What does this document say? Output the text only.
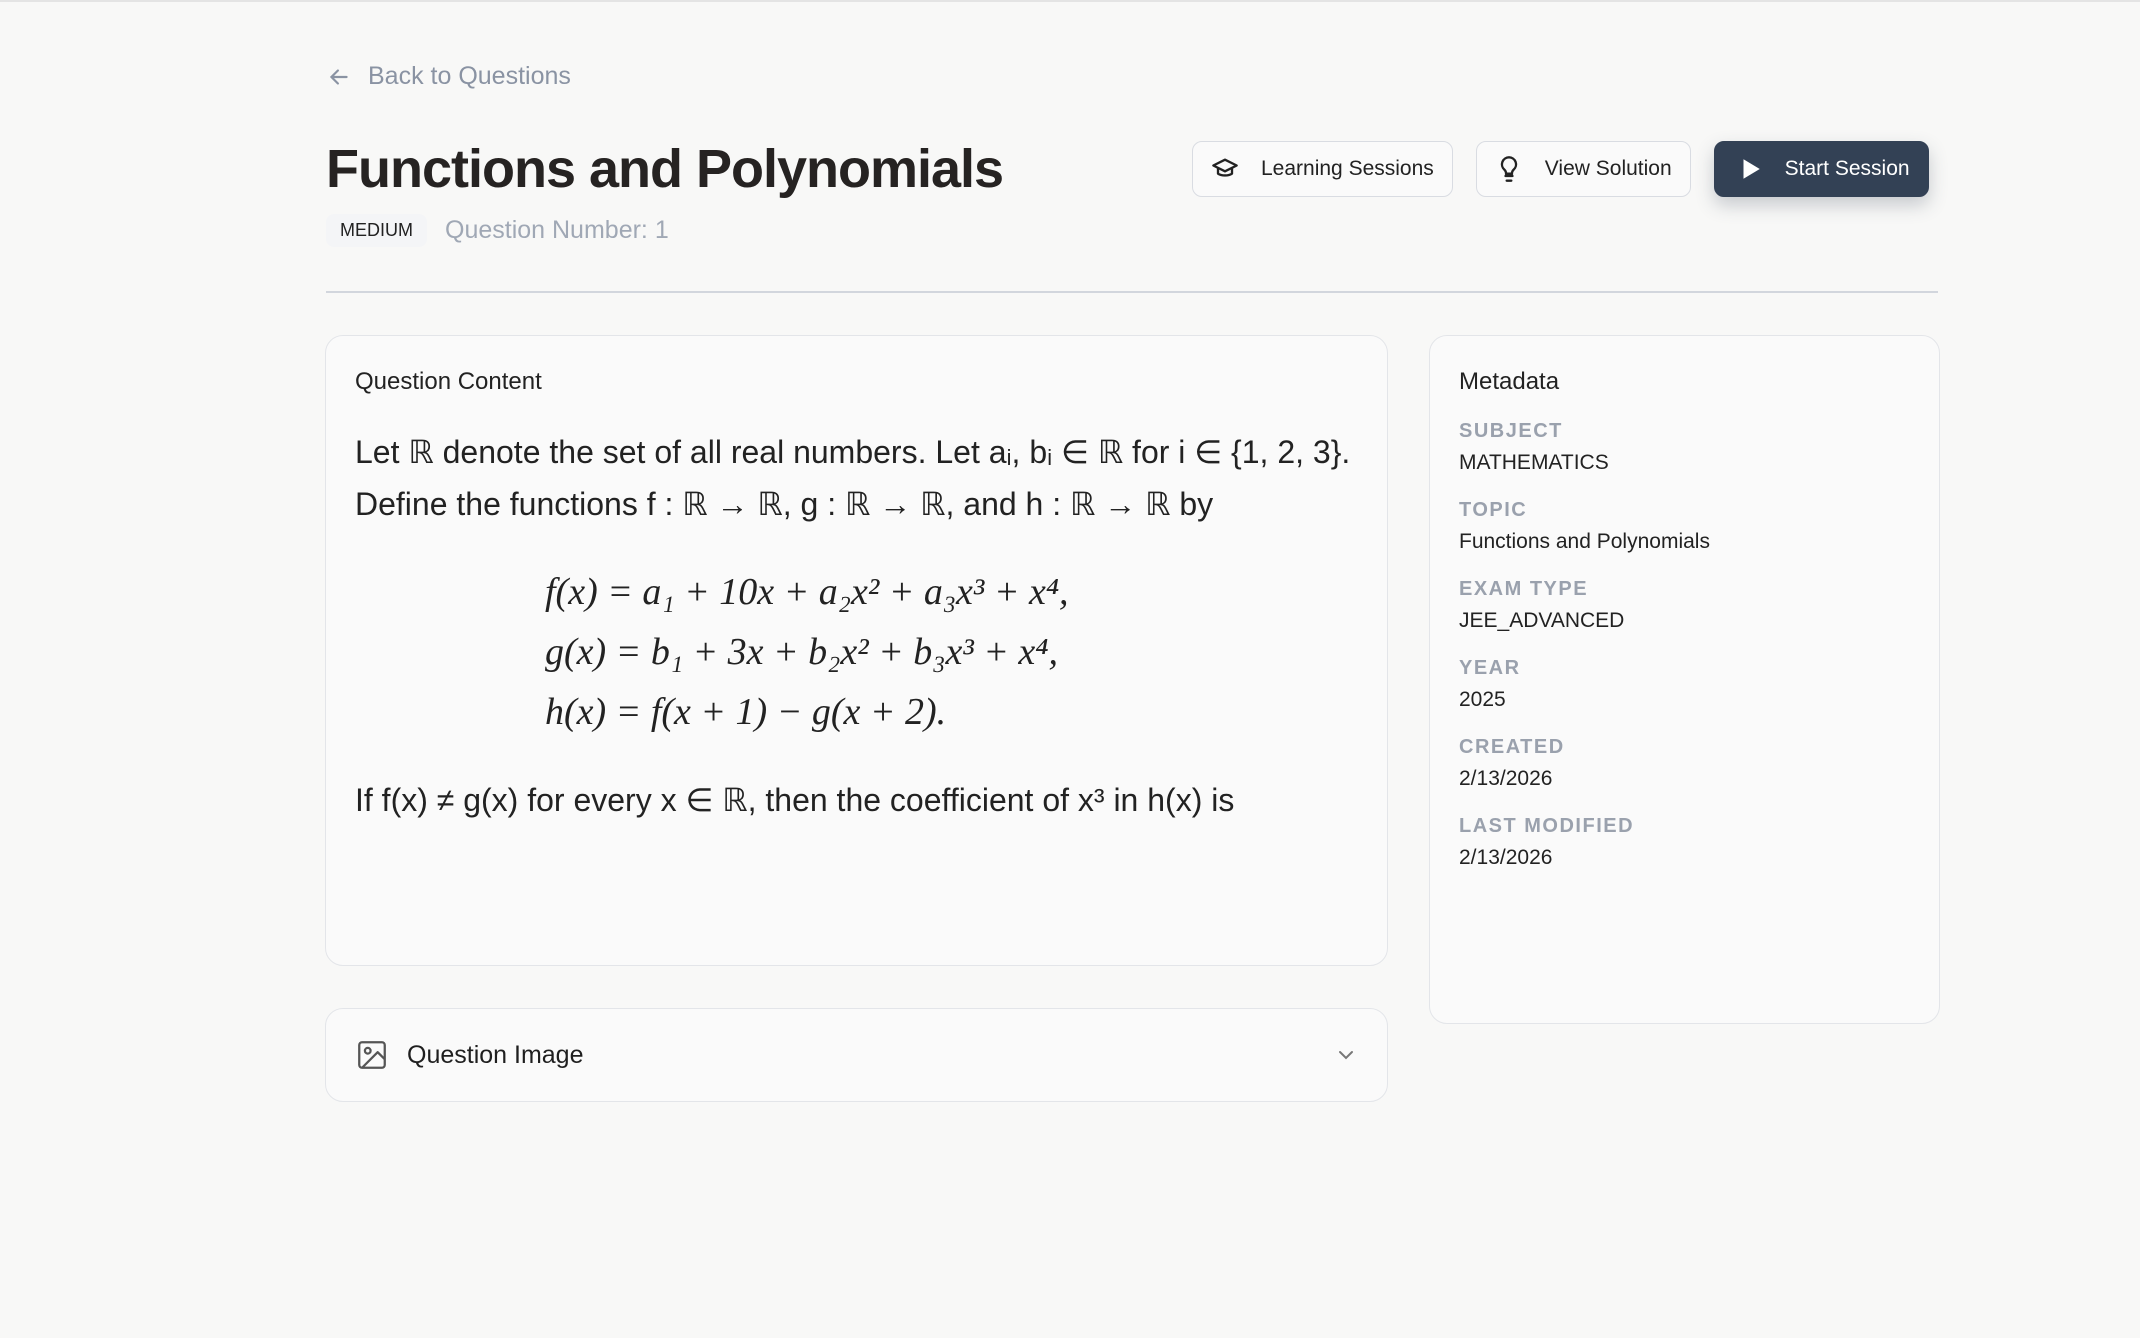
Back to Questions
Functions and Polynomials
MEDIUM	Question Number: 1
Learning Sessions	View Solution	Start Session

Question Content

Let ℝ denote the set of all real numbers. Let aᵢ, bᵢ ∈ ℝ for i ∈ {1, 2, 3}. Define the functions f : ℝ → ℝ, g : ℝ → ℝ, and h : ℝ → ℝ by

f(x) = a₁ + 10x + a₂x² + a₃x³ + x⁴,
g(x) = b₁ + 3x + b₂x² + b₃x³ + x⁴,
h(x) = f(x + 1) − g(x + 2).

If f(x) ≠ g(x) for every x ∈ ℝ, then the coefficient of x³ in h(x) is

Question Image

Metadata

SUBJECT
MATHEMATICS
TOPIC
Functions and Polynomials
EXAM TYPE
JEE_ADVANCED
YEAR
2025
CREATED
2/13/2026
LAST MODIFIED
2/13/2026
